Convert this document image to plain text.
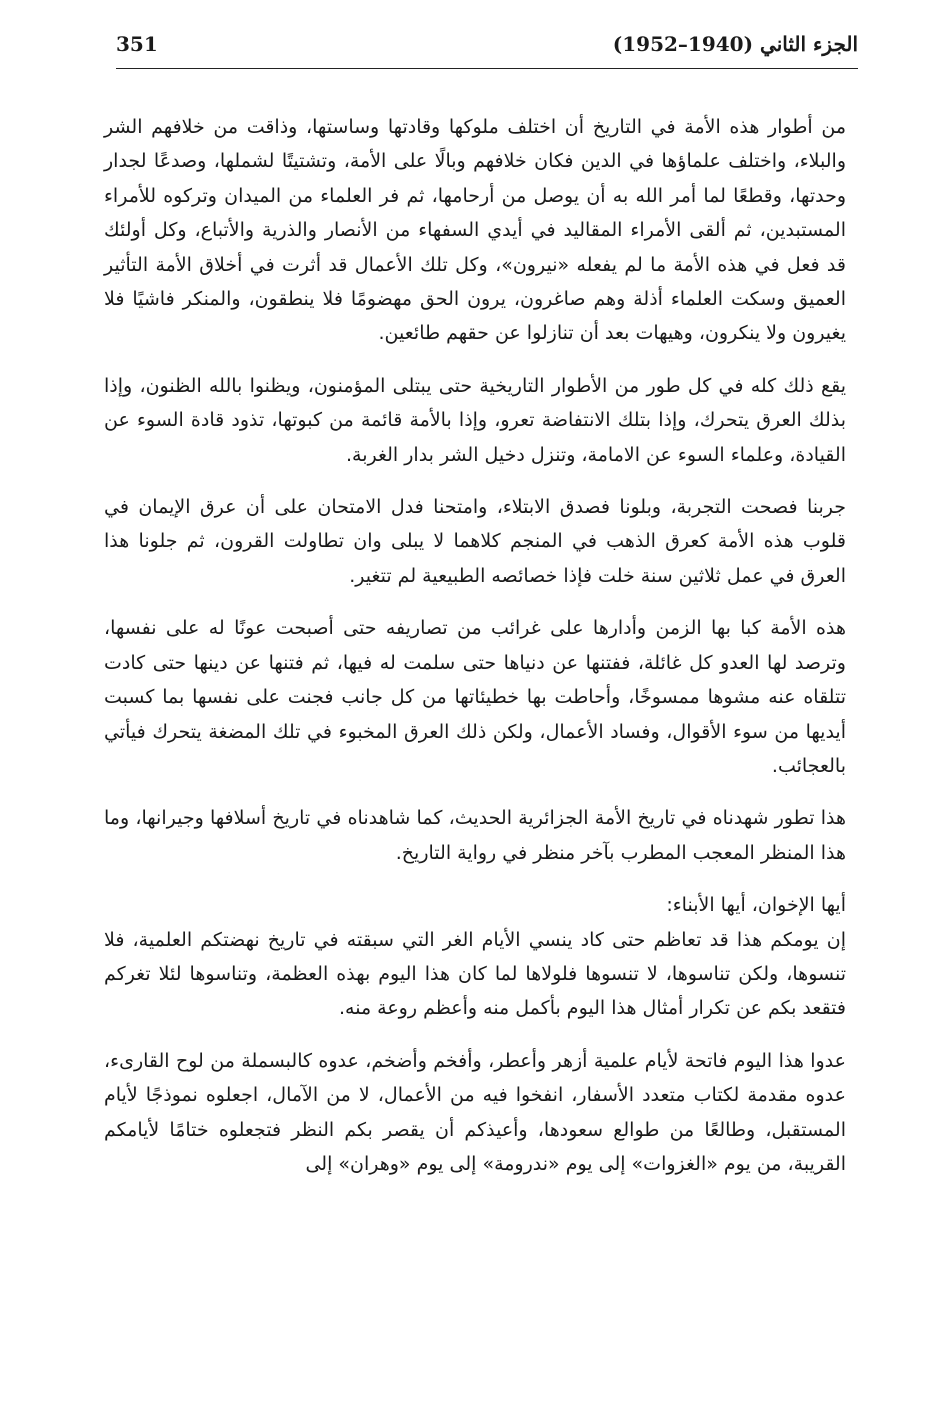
351	الجزء الثاني (1940–1952)

من أطوار هذه الأمة في التاريخ أن اختلف ملوكها وقادتها وساستها، وذاقت من خلافهم الشر والبلاء، واختلف علماؤها في الدين فكان خلافهم وبالًا على الأمة، وتشتيتًا لشملها، وصدعًا لجدار وحدتها، وقطعًا لما أمر الله به أن يوصل من أرحامها، ثم فر العلماء من الميدان وتركوه للأمراء المستبدين، ثم ألقى الأمراء المقاليد في أيدي السفهاء من الأنصار والذرية والأتباع، وكل أولئك قد فعل في هذه الأمة ما لم يفعله «نيرون»، وكل تلك الأعمال قد أثرت في أخلاق الأمة التأثير العميق وسكت العلماء أذلة وهم صاغرون، يرون الحق مهضومًا فلا ينطقون، والمنكر فاشيًا فلا يغيرون ولا ينكرون، وهيهات بعد أن تنازلوا عن حقهم طائعين.

يقع ذلك كله في كل طور من الأطوار التاريخية حتى يبتلى المؤمنون، ويظنوا بالله الظنون، وإذا بذلك العرق يتحرك، وإذا بتلك الانتفاضة تعرو، وإذا بالأمة قائمة من كبوتها، تذود قادة السوء عن القيادة، وعلماء السوء عن الامامة، وتنزل دخيل الشر بدار الغربة.

جربنا فصحت التجربة، وبلونا فصدق الابتلاء، وامتحنا فدل الامتحان على أن عرق الإيمان في قلوب هذه الأمة كعرق الذهب في المنجم كلاهما لا يبلى وان تطاولت القرون، ثم جلونا هذا العرق في عمل ثلاثين سنة خلت فإذا خصائصه الطبيعية لم تتغير.

هذه الأمة كبا بها الزمن وأدارها على غرائب من تصاريفه حتى أصبحت عونًا له على نفسها، وترصد لها العدو كل غائلة، ففتنها عن دنياها حتى سلمت له فيها، ثم فتنها عن دينها حتى كادت تتلقاه عنه مشوها ممسوخًا، وأحاطت بها خطيئاتها من كل جانب فجنت على نفسها بما كسبت أيديها من سوء الأقوال، وفساد الأعمال، ولكن ذلك العرق المخبوء في تلك المضغة يتحرك فيأتي بالعجائب.

هذا تطور شهدناه في تاريخ الأمة الجزائرية الحديث، كما شاهدناه في تاريخ أسلافها وجيرانها، وما هذا المنظر المعجب المطرب بآخر منظر في رواية التاريخ.

أيها الإخوان، أيها الأبناء:

إن يومكم هذا قد تعاظم حتى كاد ينسي الأيام الغر التي سبقته في تاريخ نهضتكم العلمية، فلا تنسوها، ولكن تناسوها، لا تنسوها فلولاها لما كان هذا اليوم بهذه العظمة، وتناسوها لئلا تغركم فتقعد بكم عن تكرار أمثال هذا اليوم بأكمل منه وأعظم روعة منه.

عدوا هذا اليوم فاتحة لأيام علمية أزهر وأعطر، وأفخم وأضخم، عدوه كالبسملة من لوح القارىء، عدوه مقدمة لكتاب متعدد الأسفار، انفخوا فيه من الأعمال، لا من الآمال، اجعلوه نموذجًا لأيام المستقبل، وطالعًا من طوالع سعودها، وأعيذكم أن يقصر بكم النظر فتجعلوه ختامًا لأيامكم القريبة، من يوم «الغزوات» إلى يوم «ندرومة» إلى يوم «وهران» إلى
